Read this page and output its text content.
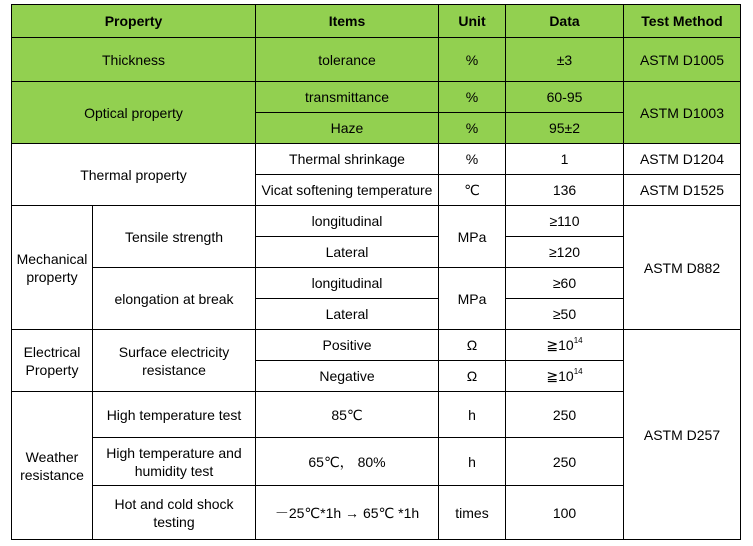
Property		Items	Unit	Data	Test Method
Thickness		tolerance	%	±3	ASTM D1005
Optical property		transmittance	%	60-95	ASTM D1003
		Haze	%	95±2	
Thermal property		Thermal shrinkage	%	1	ASTM D1204
		Vicat softening temperature	℃	136	ASTM D1525
Mechanical property	Tensile strength	longitudinal	MPa	≥110	ASTM D882
		Lateral		≥120	
	elongation at break	longitudinal	MPa	≥60	
		Lateral		≥50	
Electrical Property	Surface electricity resistance	Positive	Ω	$≧10^{14}$	ASTM D257
		Negative	Ω	$≧10^{14}$
Weather resistance	High temperature test	85℃	h	250	
	High temperature and humidity test	65℃， 80%	h	250	
	Hot and cold shock testing	－25℃*1h → 65℃ *1h	times	100	
